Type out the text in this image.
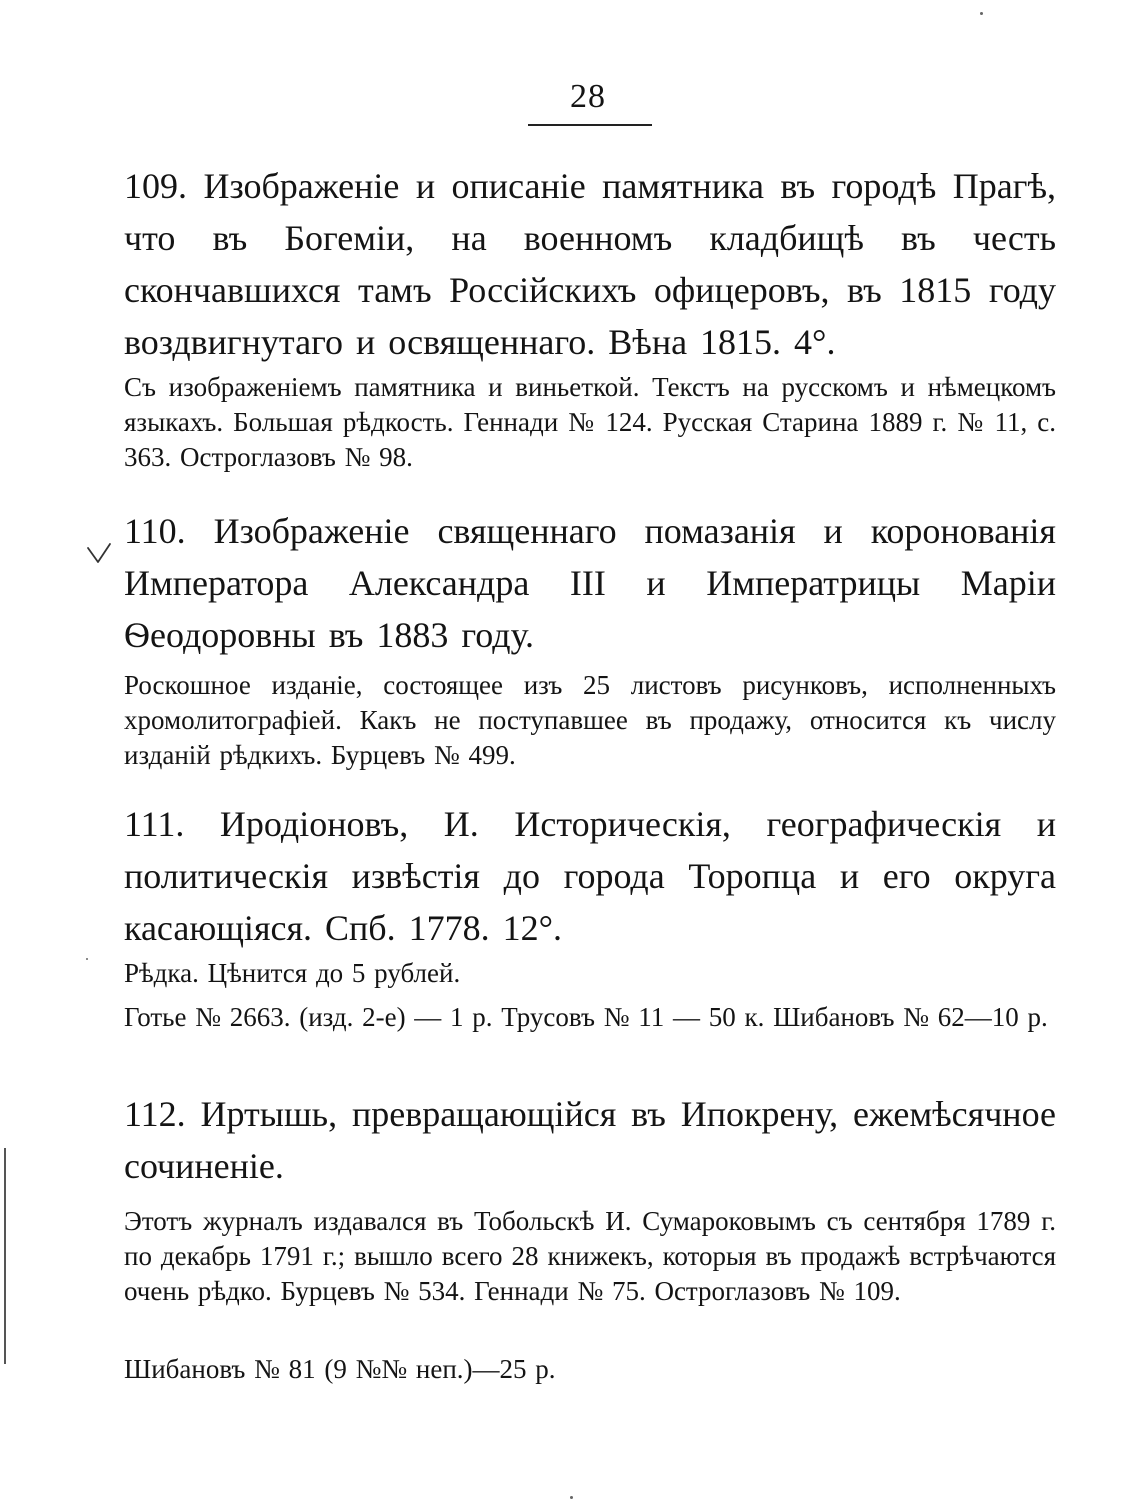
28
109. Изображеніе и описаніе памятника въ городѣ Прагѣ, что въ Богеміи, на военномъ кладбищѣ въ честь скончавшихся тамъ Россійскихъ офицеровъ, въ 1815 году воздвигнутаго и освященнаго. Вѣна 1815. 4°.
Съ изображеніемъ памятника и виньеткой. Текстъ на русскомъ и нѣмецкомъ языкахъ. Большая рѣдкость. Геннади № 124. Русская Старина 1889 г. № 11, с. 363. Остроглазовъ № 98.
110. Изображеніе священнаго помазанія и коронованія Императора Александра III и Императрицы Маріи Ѳеодоровны въ 1883 году.
Роскошное изданіе, состоящее изъ 25 листовъ рисунковъ, исполненныхъ хромолитографіей. Какъ не поступавшее въ продажу, относится къ числу изданій рѣдкихъ. Бурцевъ № 499.
111. Иродіоновъ, И. Историческія, географическія и политическія извѣстія до города Торопца и его округа касающіяся. Спб. 1778. 12°.
Рѣдка. Цѣнится до 5 рублей.
Готье № 2663. (изд. 2-е) — 1 р. Трусовъ № 11 — 50 к. Шибановъ № 62—10 р.
112. Иртышь, превращающійся въ Ипокрену, ежемѣсячное сочиненіе.
Этотъ журналъ издавался въ Тобольскѣ И. Сумароковымъ съ сентября 1789 г. по декабрь 1791 г.; вышло всего 28 книжекъ, которыя въ продажѣ встрѣчаются очень рѣдко. Бурцевъ № 534. Геннади № 75. Остроглазовъ № 109.
Шибановъ № 81 (9 №№ неп.)—25 р.
